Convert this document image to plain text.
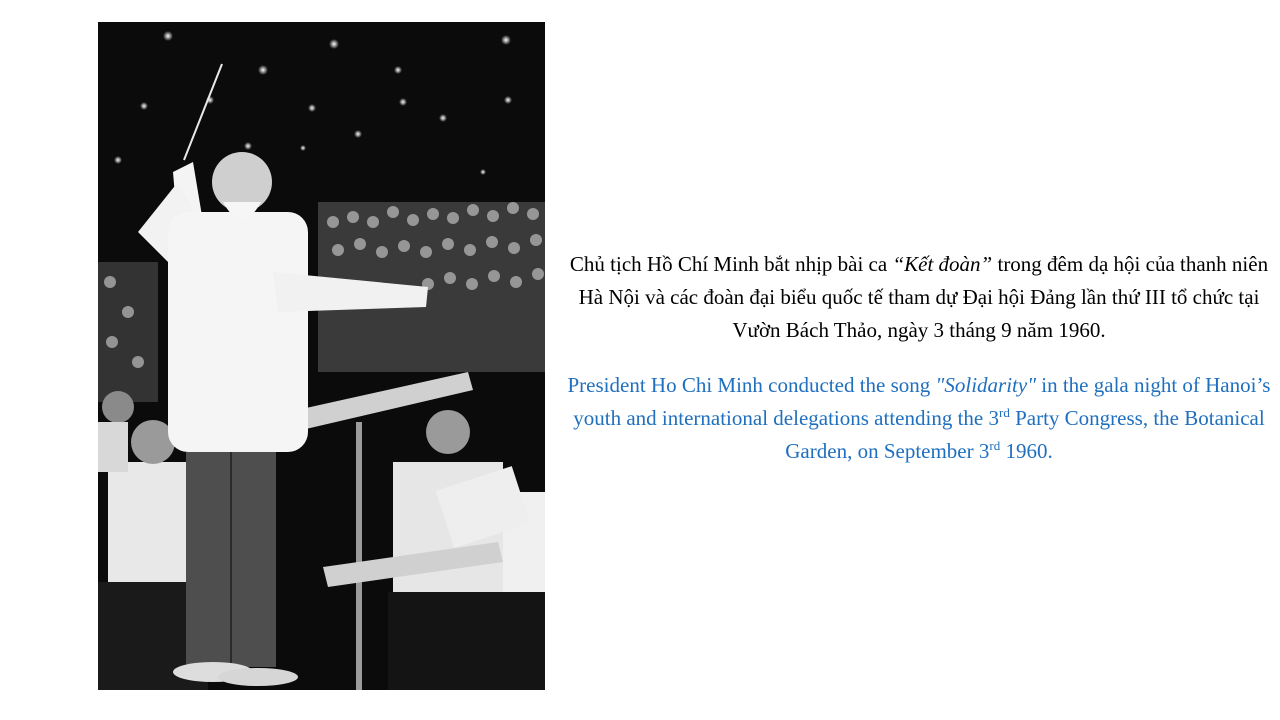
Chủ tịch Hồ Chí Minh bắt nhịp bài ca “Kết đoàn” trong đêm dạ hội của thanh niên Hà Nội và các đoàn đại biểu quốc tế tham dự Đại hội Đảng lần thứ III tổ chức tại Vườn Bách Thảo, ngày 3 tháng 9 năm 1960.

President Ho Chi Minh conducted the song "Solidarity" in the gala night of Hanoi’s youth and international delegations attending the 3rd Party Congress, the Botanical Garden, on September 3rd 1960.
